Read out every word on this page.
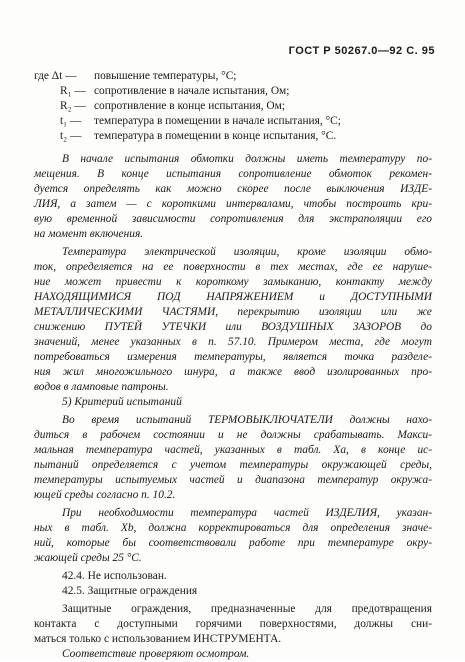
ГОСТ Р 50267.0—92 С. 95
где Δt — повышение температуры, °С;
R₁ — сопротивление в начале испытания, Ом;
R₂ — сопротивление в конце испытания, Ом;
t₁ — температура в помещении в начале испытания, °С;
t₂ — температура в помещении в конце испытания, °С.
В начале испытания обмотки должны иметь температуру по-
мещения. В конце испытания сопротивление обмоток рекомен-
дуется определять как можно скорее после выключения ИЗДЕ-
ЛИЯ, а затем — с короткими интервалами, чтобы построить кри-
вую временной зависимости сопротивления для экстраполяции его
на момент включения.
Температура электрической изоляции, кроме изоляции обмо-
ток, определяется на ее поверхности в тех местах, где ее наруше-
ние может привести к короткому замыканию, контакту между
НАХОДЯЩИМИСЯ ПОД НАПРЯЖЕНИЕМ и ДОСТУПНЫМИ
МЕТАЛЛИЧЕСКИМИ ЧАСТЯМИ, перекрытию изоляции или же
снижению ПУТЕЙ УТЕЧКИ или ВОЗДУШНЫХ ЗАЗОРОВ до
значений, менее указанных в п. 57.10. Примером места, где могут
потребоваться измерения температуры, является точка разделе-
ния жил многожильного шнура, а также ввод изолированных про-
водов в ламповые патроны.
5) Критерий испытаний
Во время испытаний ТЕРМОВЫКЛЮЧАТЕЛИ должны нахо-
диться в рабочем состоянии и не должны срабатывать. Макси-
мальная температура частей, указанных в табл. Ха, в конце ис-
пытаний определяется с учетом температуры окружающей среды,
температуры испытуемых частей и диапазона температур окружа-
ющей среды согласно п. 10.2.
При необходимости температура частей ИЗДЕЛИЯ, указан-
ных в табл. Xb, должна корректироваться для определения значе-
ний, которые бы соответствовали работе при температуре окру-
жающей среды 25 °С.
42.4. Не использован.
42.5. Защитные ограждения
Защитные ограждения, предназначенные для предотвращения
контакта с доступными горячими поверхностями, должны сни-
маться только с использованием ИНСТРУМЕНТА.
Соответствие проверяют осмотром.
